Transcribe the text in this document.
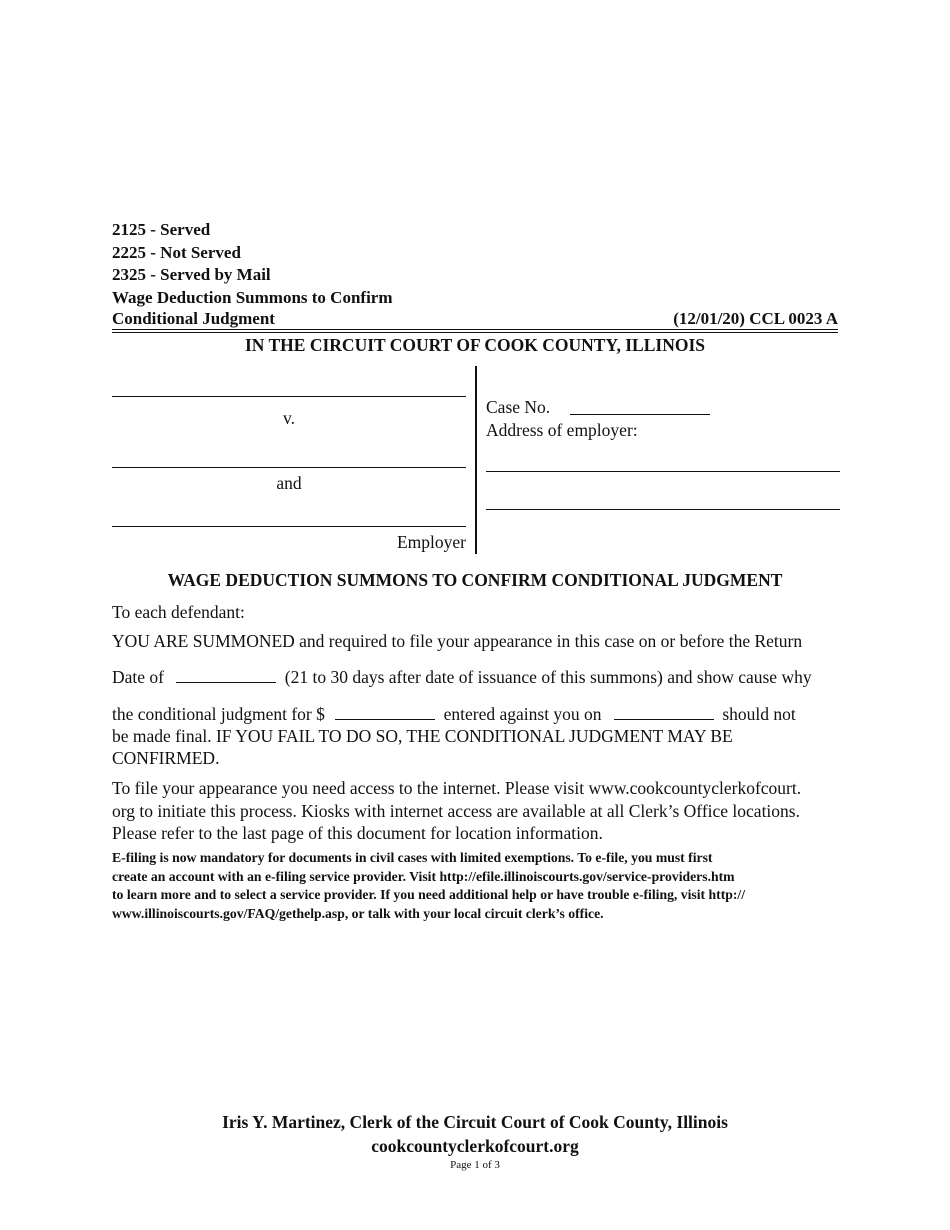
2125 - Served
2225 - Not Served
2325 - Served by Mail
Wage Deduction Summons to Confirm
Conditional Judgment	(12/01/20) CCL 0023 A
IN THE CIRCUIT COURT OF COOK COUNTY, ILLINOIS
v.
and
Employer
Case No.
Address of employer:
WAGE DEDUCTION SUMMONS TO CONFIRM CONDITIONAL JUDGMENT
To each defendant:
YOU ARE SUMMONED and required to file your appearance in this case on or before the Return
Date of	(21 to 30 days after date of issuance of this summons) and show cause why
the conditional judgment for $	entered against you on	should not
be made final. IF YOU FAIL TO DO SO, THE CONDITIONAL JUDGMENT MAY BE
CONFIRMED.
To file your appearance you need access to the internet. Please visit www.cookcountyclerkofcourt.
org to initiate this process. Kiosks with internet access are available at all Clerk’s Office locations.
Please refer to the last page of this document for location information.
E-filing is now mandatory for documents in civil cases with limited exemptions. To e-file, you must first
create an account with an e-filing service provider. Visit http://efile.illinoiscourts.gov/service-providers.htm
to learn more and to select a service provider. If you need additional help or have trouble e-filing, visit http://
www.illinoiscourts.gov/FAQ/gethelp.asp, or talk with your local circuit clerk’s office.
Iris Y. Martinez, Clerk of the Circuit Court of Cook County, Illinois
cookcountyclerkofcourt.org
Page 1 of 3
